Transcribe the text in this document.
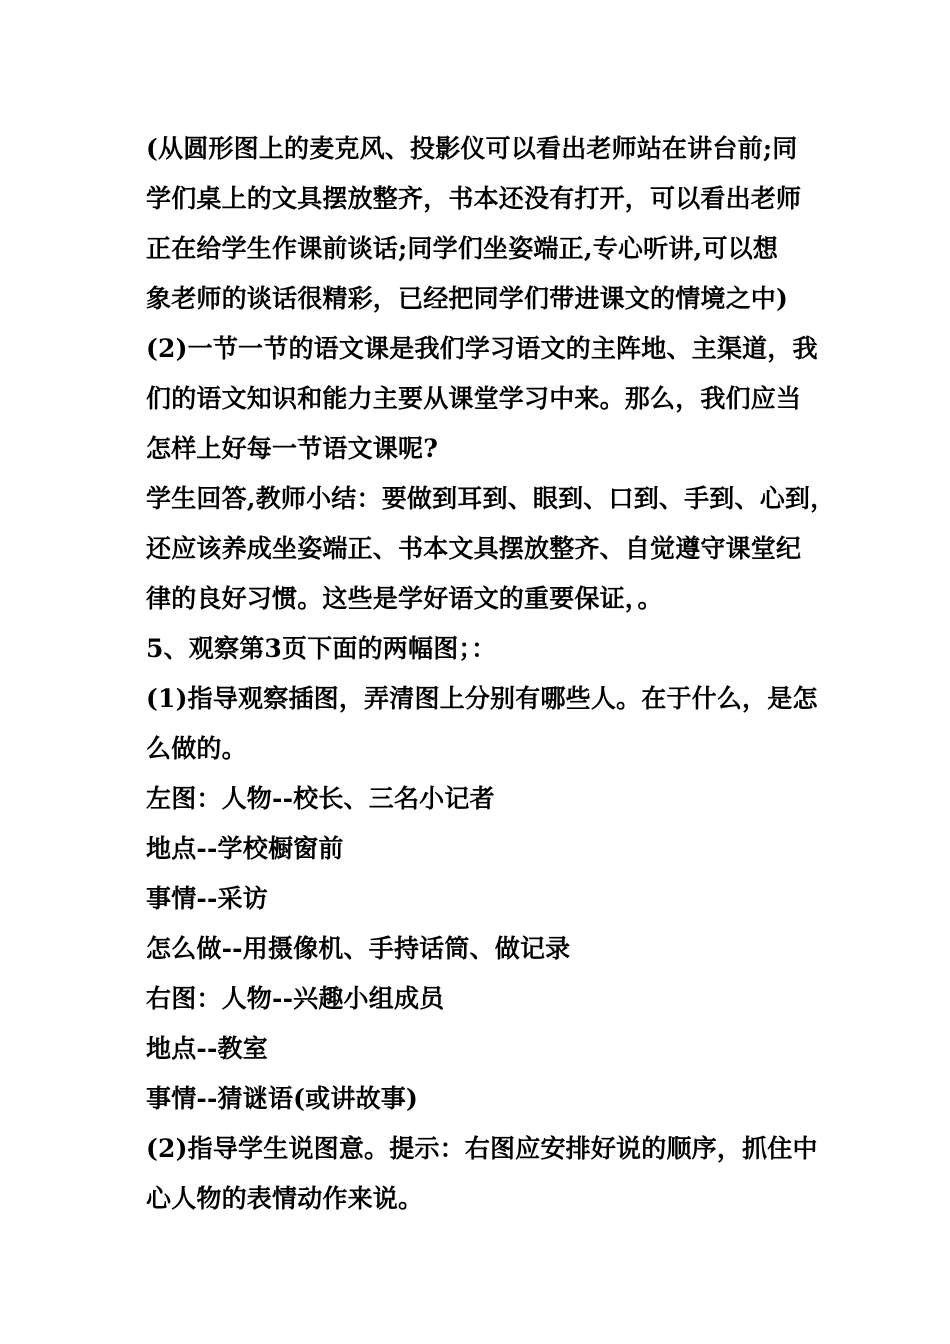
(从圆形图上的麦克风、投影仪可以看出老师站在讲台前;同
学们桌上的文具摆放整齐，书本还没有打开，可以看出老师
正在给学生作课前谈话;同学们坐姿端正,专心听讲,可以想
象老师的谈话很精彩，已经把同学们带进课文的情境之中)
(2)一节一节的语文课是我们学习语文的主阵地、主渠道，我
们的语文知识和能力主要从课堂学习中来。那么，我们应当
怎样上好每一节语文课呢?
学生回答,教师小结：要做到耳到、眼到、口到、手到、心到，
还应该养成坐姿端正、书本文具摆放整齐、自觉遵守课堂纪
律的良好习惯。这些是学好语文的重要保证，。
5、观察第3页下面的两幅图；：
(1)指导观察插图，弄清图上分别有哪些人。在于什么，是怎
么做的。
左图：人物--校长、三名小记者
地点--学校橱窗前
事情--采访
怎么做--用摄像机、手持话筒、做记录
右图：人物--兴趣小组成员
地点--教室
事情--猜谜语(或讲故事)
(2)指导学生说图意。提示：右图应安排好说的顺序，抓住中
心人物的表情动作来说。
